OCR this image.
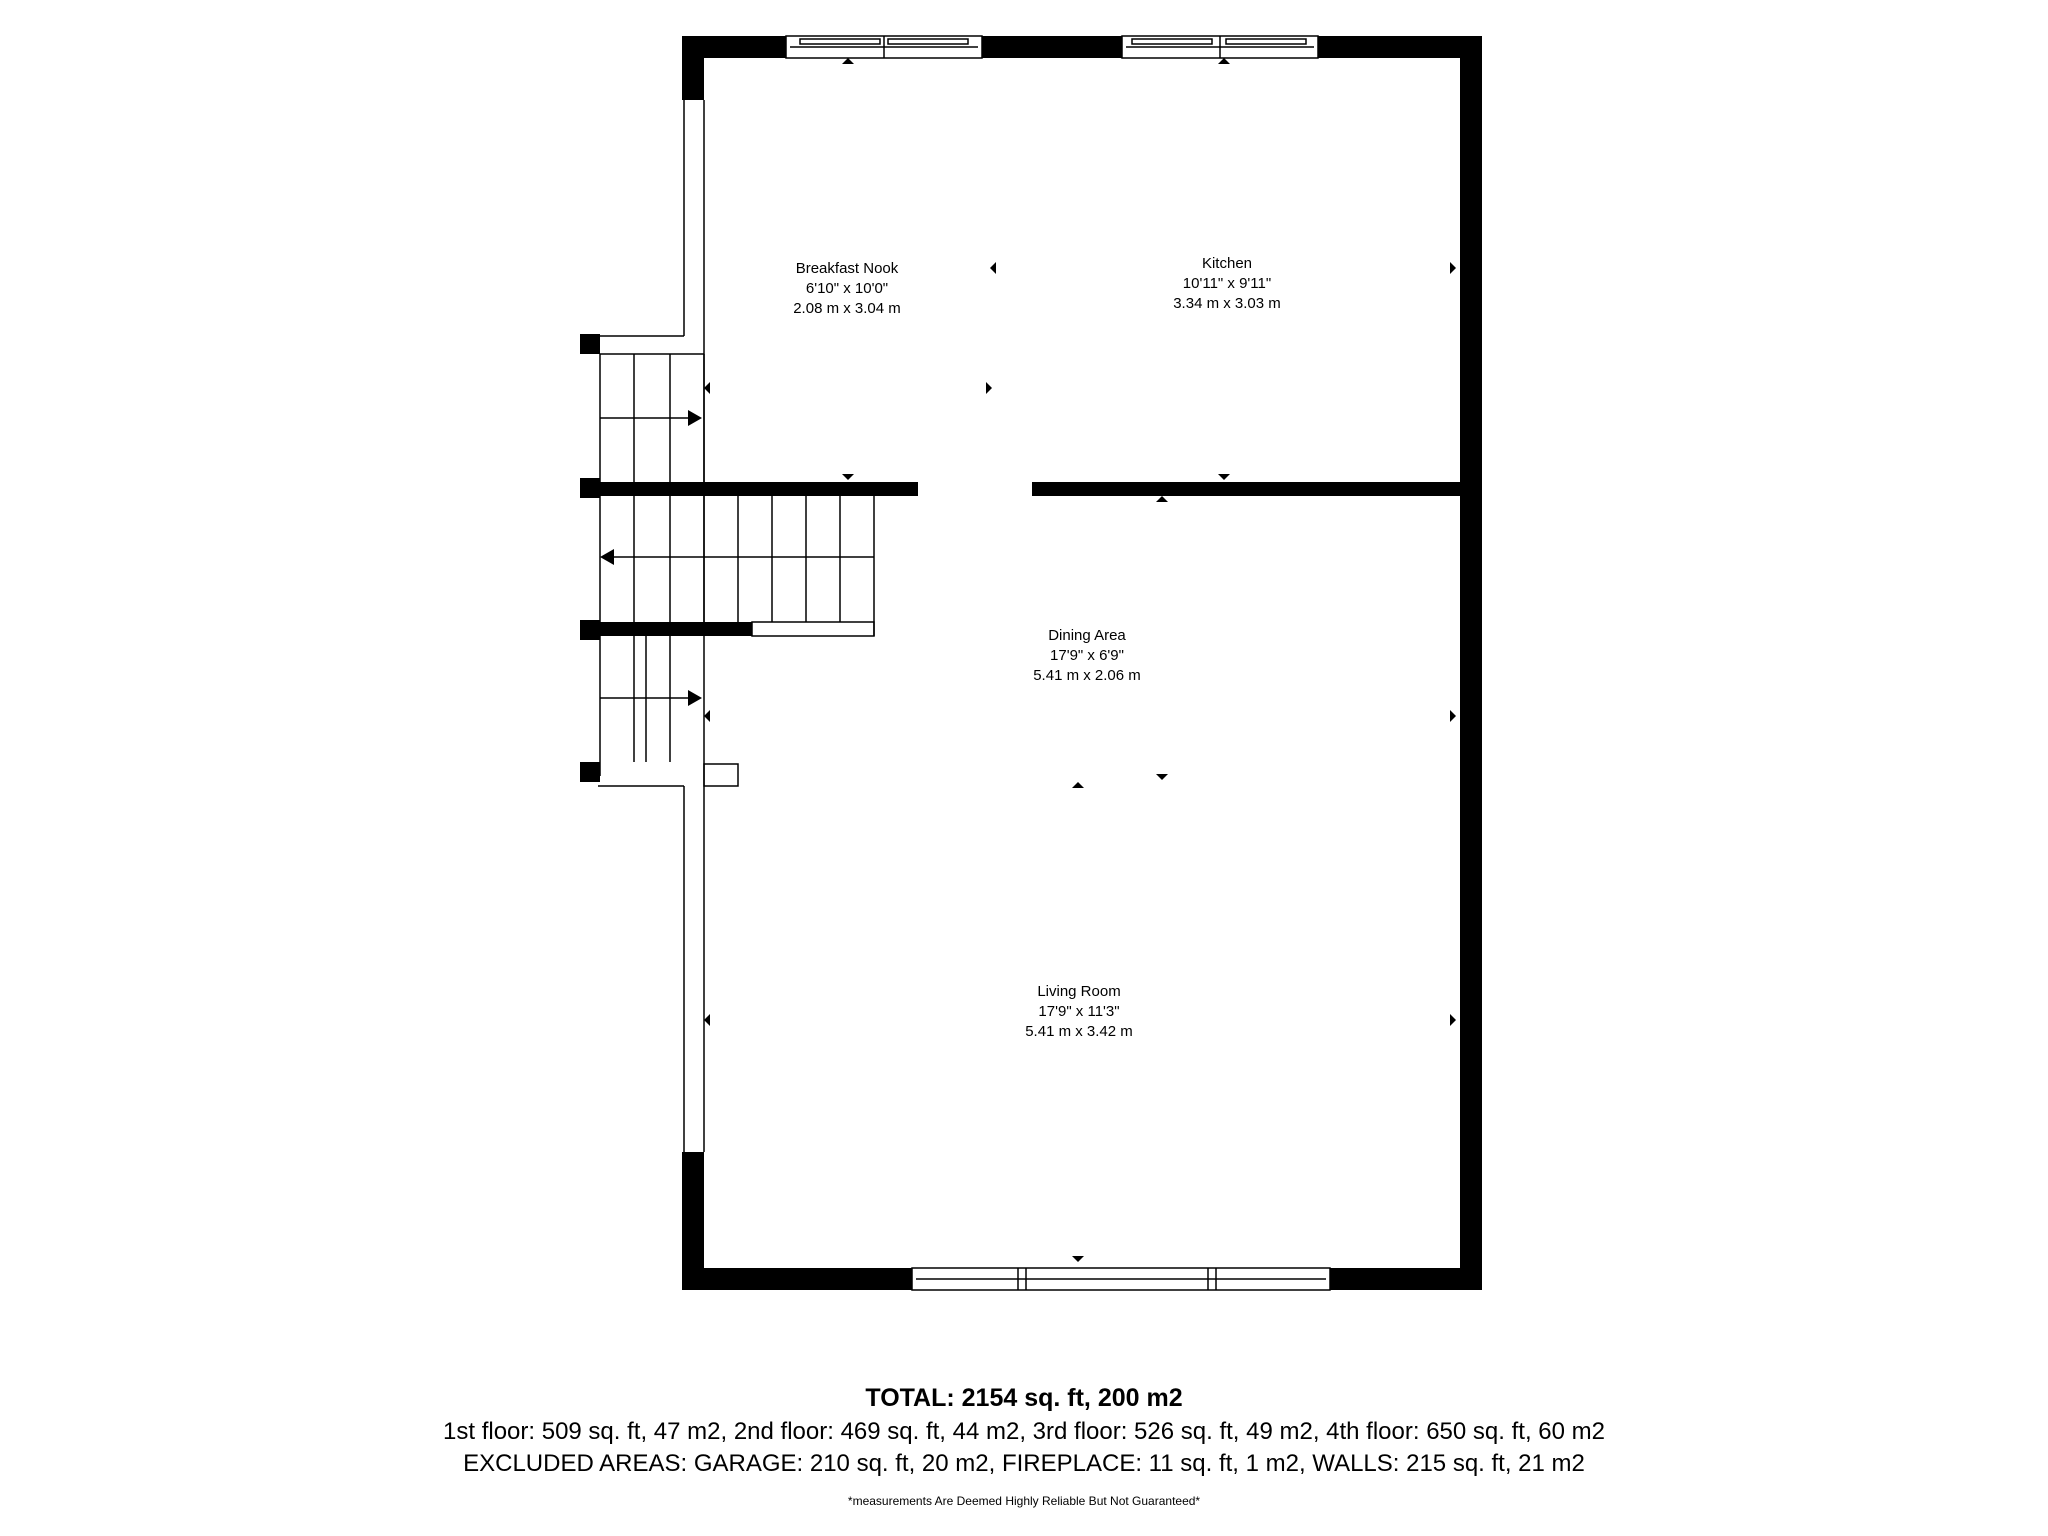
Breakfast Nook
6'10" x 10'0"
2.08 m x 3.04 m
Kitchen
10'11" x 9'11"
3.34 m x 3.03 m
Dining Area
17'9" x 6'9"
5.41 m x 2.06 m
Living Room
17'9" x 11'3"
5.41 m x 3.42 m
TOTAL: 2154 sq. ft, 200 m2
1st floor: 509 sq. ft, 47 m2, 2nd floor: 469 sq. ft, 44 m2, 3rd floor: 526 sq. ft, 49 m2, 4th floor: 650 sq. ft, 60 m2
EXCLUDED AREAS: GARAGE: 210 sq. ft, 20 m2, FIREPLACE: 11 sq. ft, 1 m2, WALLS: 215 sq. ft, 21 m2
*measurements Are Deemed Highly Reliable But Not Guaranteed*
